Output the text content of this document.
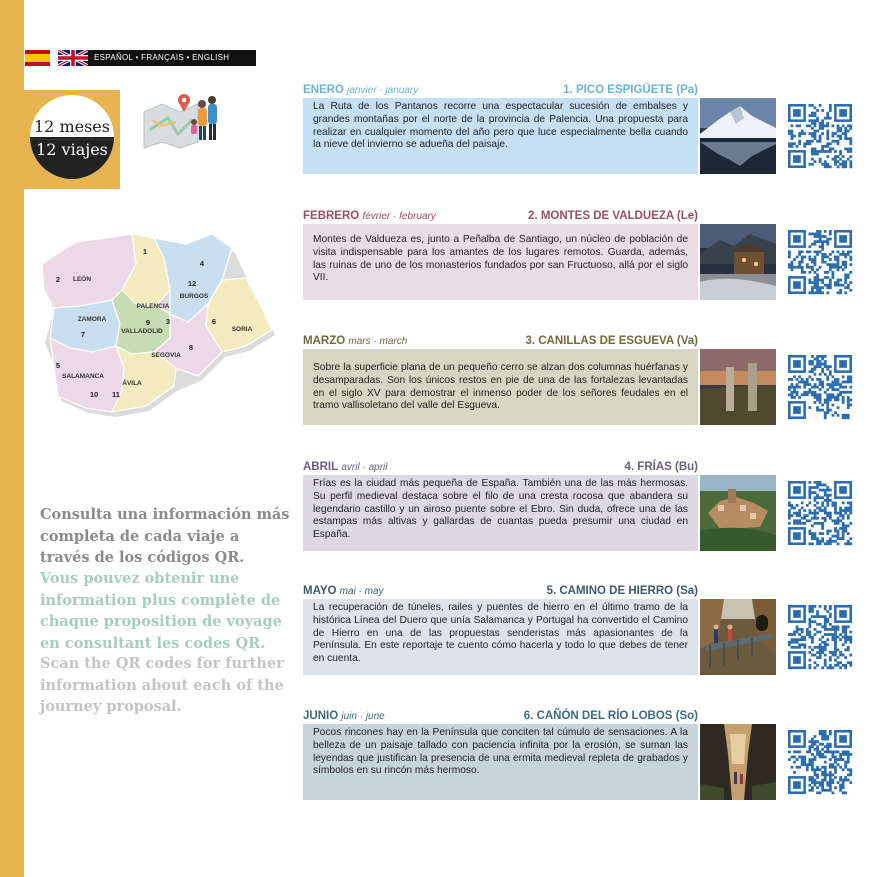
ESPAÑOL • FRANÇAIS • ENGLISH
12 meses
12 viajes
LEÓN
PALENCIA
BURGOS
ZAMORA
VALLADOLID	SORIA
SEGOVIA
SALAMANCA
ÁVILA
1
2
3
4
5
6
7
8
9
10 11
12
Consulta una información más completa de cada viaje a través de los códigos QR.
Vous pouvez obtenir une information plus complète de chaque proposition de voyage en consultant les codes QR.
Scan the QR codes for further information about each of the journey proposal.
ENERO janvier · january	1. PICO ESPIGÜETE (Pa)
La Ruta de los Pantanos recorre una espectacular sucesión de embalses y grandes montañas por el norte de la provincia de Palencia. Una propuesta para realizar en cualquier momento del año pero que luce especialmente bella cuando la nieve del invierno se adueña del paisaje.
FEBRERO février · february	2. MONTES DE VALDUEZA (Le)
Montes de Valdueza es, junto a Peñalba de Santiago, un núcleo de población de visita indispensable para los amantes de los lugares remotos. Guarda, además, las ruinas de uno de los monasterios fundados por san Fructuoso, allá por el siglo VII.
MARZO mars · march	3. CANILLAS DE ESGUEVA (Va)
Sobre la superficie plana de un pequeño cerro se alzan dos columnas huérfanas y desamparadas. Son los únicos restos en pie de una de las fortalezas levantadas en el siglo XV para demostrar el inmenso poder de los señores feudales en el tramo vallisoletano del valle del Esgueva.
ABRIL avril · april	4. FRÍAS (Bu)
Frías es la ciudad más pequeña de España. También una de las más hermosas. Su perfil medieval destaca sobre el filo de una cresta rocosa que abandera su legendario castillo y un airoso puente sobre el Ebro. Sin duda, ofrece una de las estampas más altivas y gallardas de cuantas pueda presumir una ciudad en España.
MAYO mai · may	5. CAMINO DE HIERRO (Sa)
La recuperación de túneles, railes y puentes de hierro en el último tramo de la histórica Línea del Duero que unía Salamanca y Portugal ha convertido el Camino de Hierro en una de las propuestas senderistas más apasionantes de la Península. En este reportaje te cuento cómo hacerla y todo lo que debes de tener en cuenta.
JUNIO juin · june	6. CAÑÓN DEL RÍO LOBOS (So)
Pocos rincones hay en la Península que conciten tal cúmulo de sensaciones. A la belleza de un paisaje tallado con paciencia infinita por la erosión, se suman las leyendas que justifican la presencia de una ermita medieval repleta de grabados y símbolos en su rincón más hermoso.
